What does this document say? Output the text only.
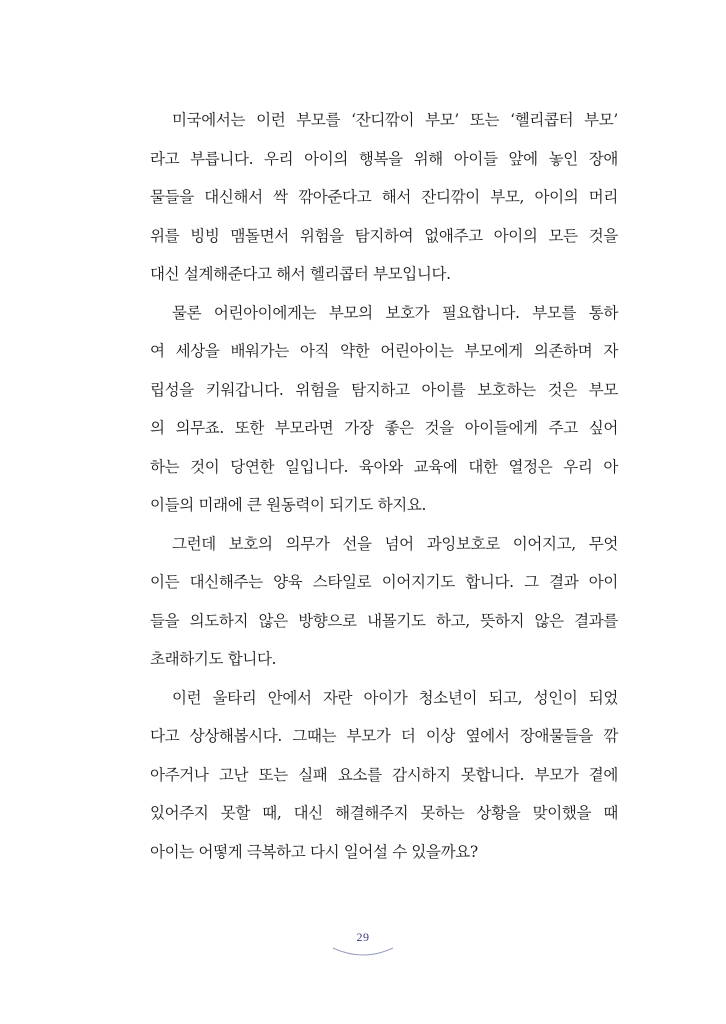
미국에서는 이런 부모를 ‘잔디깎이 부모’ 또는 ‘헬리콥터 부모’
라고 부릅니다. 우리 아이의 행복을 위해 아이들 앞에 놓인 장애
물들을 대신해서 싹 깎아준다고 해서 잔디깎이 부모, 아이의 머리
위를 빙빙 맴돌면서 위험을 탐지하여 없애주고 아이의 모든 것을
대신 설계해준다고 해서 헬리콥터 부모입니다.
물론 어린아이에게는 부모의 보호가 필요합니다. 부모를 통하
여 세상을 배워가는 아직 약한 어린아이는 부모에게 의존하며 자
립성을 키워갑니다. 위험을 탐지하고 아이를 보호하는 것은 부모
의 의무죠. 또한 부모라면 가장 좋은 것을 아이들에게 주고 싶어
하는 것이 당연한 일입니다. 육아와 교육에 대한 열정은 우리 아
이들의 미래에 큰 원동력이 되기도 하지요.
그런데 보호의 의무가 선을 넘어 과잉보호로 이어지고, 무엇
이든 대신해주는 양육 스타일로 이어지기도 합니다. 그 결과 아이
들을 의도하지 않은 방향으로 내몰기도 하고, 뜻하지 않은 결과를
초래하기도 합니다.
이런 울타리 안에서 자란 아이가 청소년이 되고, 성인이 되었
다고 상상해봅시다. 그때는 부모가 더 이상 옆에서 장애물들을 깎
아주거나 고난 또는 실패 요소를 감시하지 못합니다. 부모가 곁에
있어주지 못할 때, 대신 해결해주지 못하는 상황을 맞이했을 때
아이는 어떻게 극복하고 다시 일어설 수 있을까요?
29
